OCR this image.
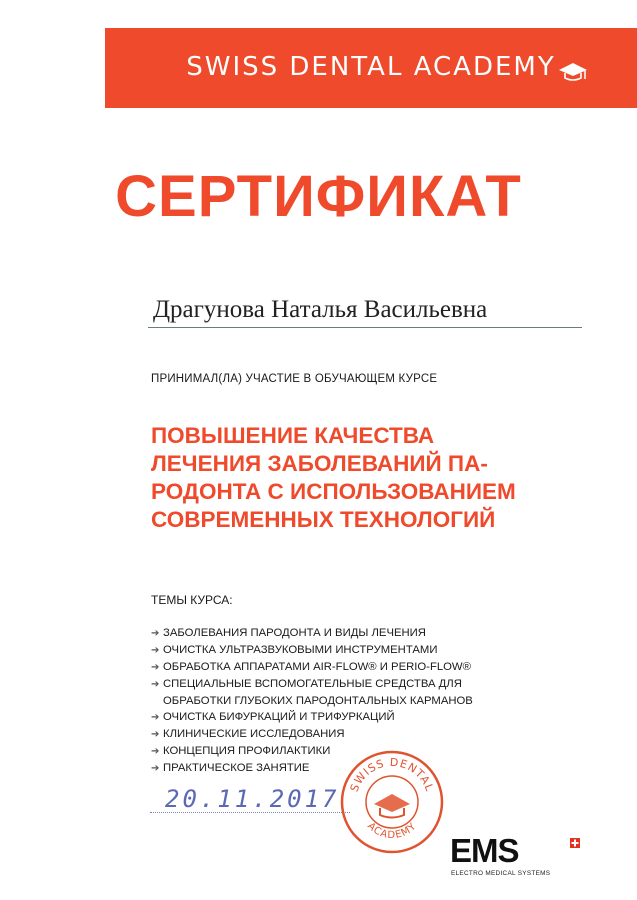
SWISS DENTAL ACADEMY
СЕРТИФИКАТ
Драгунова Наталья Васильевна
ПРИНИМАЛ(ЛА) УЧАСТИЕ В ОБУЧАЮЩЕМ КУРСЕ
ПОВЫШЕНИЕ КАЧЕСТВА
ЛЕЧЕНИЯ ЗАБОЛЕВАНИЙ ПА-
РОДОНТА С ИСПОЛЬЗОВАНИЕМ
СОВРЕМЕННЫХ ТЕХНОЛОГИЙ
ТЕМЫ КУРСА:
➔ ЗАБОЛЕВАНИЯ ПАРОДОНТА И ВИДЫ ЛЕЧЕНИЯ
➔ ОЧИСТКА УЛЬТРАЗВУКОВЫМИ ИНСТРУМЕНТАМИ
➔ ОБРАБОТКА АППАРАТАМИ AIR-FLOW® И PERIO-FLOW®
➔ СПЕЦИАЛЬНЫЕ ВСПОМОГАТЕЛЬНЫЕ СРЕДСТВА ДЛЯ
ОБРАБОТКИ ГЛУБОКИХ ПАРОДОНТАЛЬНЫХ КАРМАНОВ
➔ ОЧИСТКА БИФУРКАЦИЙ И ТРИФУРКАЦИЙ
➔ КЛИНИЧЕСКИЕ ИССЛЕДОВАНИЯ
➔ КОНЦЕПЦИЯ ПРОФИЛАКТИКИ
➔ ПРАКТИЧЕСКОЕ ЗАНЯТИЕ
20.11.2017 SWISS DENTAL
ACADEMY
EMS
ELECTRO MEDICAL SYSTEMS
